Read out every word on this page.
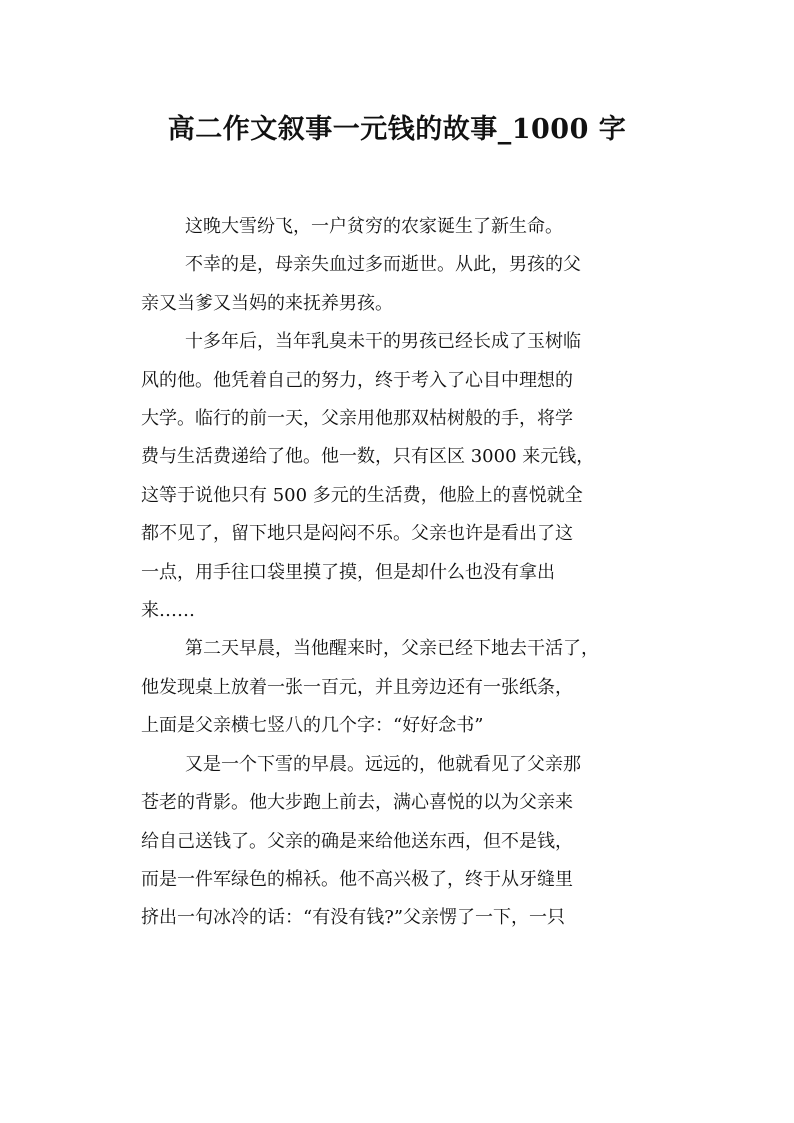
高二作文叙事一元钱的故事_1000 字

这晚大雪纷飞，一户贫穷的农家诞生了新生命。

不幸的是，母亲失血过多而逝世。从此，男孩的父

亲又当爹又当妈的来抚养男孩。

十多年后，当年乳臭未干的男孩已经长成了玉树临

风的他。他凭着自己的努力，终于考入了心目中理想的

大学。临行的前一天，父亲用他那双枯树般的手，将学

费与生活费递给了他。他一数，只有区区 3000 来元钱，

这等于说他只有 500 多元的生活费，他脸上的喜悦就全

都不见了，留下地只是闷闷不乐。父亲也许是看出了这

一点，用手往口袋里摸了摸，但是却什么也没有拿出

来……

第二天早晨，当他醒来时，父亲已经下地去干活了，

他发现桌上放着一张一百元，并且旁边还有一张纸条，

上面是父亲横七竖八的几个字：“好好念书”

又是一个下雪的早晨。远远的，他就看见了父亲那

苍老的背影。他大步跑上前去，满心喜悦的以为父亲来

给自己送钱了。父亲的确是来给他送东西，但不是钱，

而是一件军绿色的棉袄。他不高兴极了，终于从牙缝里

挤出一句冰冷的话：“有没有钱?”父亲愣了一下，一只
